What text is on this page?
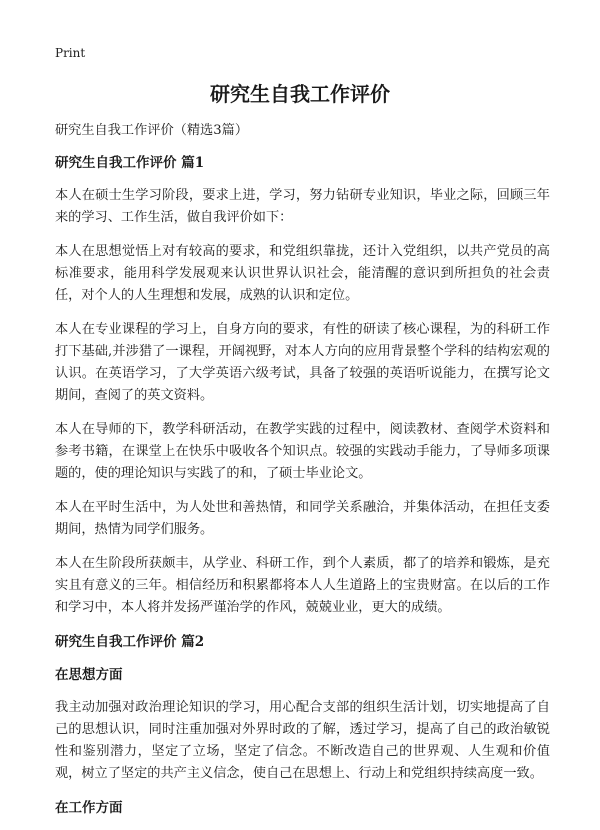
Print
研究生自我工作评价
研究生自我工作评价（精选3篇）
研究生自我工作评价 篇1
本人在硕士生学习阶段，要求上进，学习，努力钻研专业知识，毕业之际，回顾三年来的学习、工作生活，做自我评价如下：
本人在思想觉悟上对有较高的要求，和党组织靠拢，还计入党组织，以共产党员的高标准要求，能用科学发展观来认识世界认识社会，能清醒的意识到所担负的社会责任，对个人的人生理想和发展，成熟的认识和定位。
本人在专业课程的学习上，自身方向的要求，有性的研读了核心课程，为的科研工作打下基础,并涉猎了一课程，开阔视野，对本人方向的应用背景整个学科的结构宏观的认识。在英语学习，了大学英语六级考试，具备了较强的英语听说能力，在撰写论文期间，查阅了的英文资料。
本人在导师的下，教学科研活动，在教学实践的过程中，阅读教材、查阅学术资料和参考书籍，在课堂上在快乐中吸收各个知识点。较强的实践动手能力，了导师多项课题的，使的理论知识与实践了的和，了硕士毕业论文。
本人在平时生活中，为人处世和善热情，和同学关系融洽，并集体活动，在担任支委期间，热情为同学们服务。
本人在生阶段所获颇丰，从学业、科研工作，到个人素质，都了的培养和锻炼，是充实且有意义的三年。相信经历和积累都将本人人生道路上的宝贵财富。在以后的工作和学习中，本人将并发扬严谨治学的作风，兢兢业业，更大的成绩。
研究生自我工作评价 篇2
在思想方面
我主动加强对政治理论知识的学习，用心配合支部的组织生活计划，切实地提高了自己的思想认识，同时注重加强对外界时政的了解，透过学习，提高了自己的政治敏锐性和鉴别潜力，坚定了立场，坚定了信念。不断改造自己的世界观、人生观和价值观，树立了坚定的共产主义信念，使自己在思想上、行动上和党组织持续高度一致。
在工作方面
